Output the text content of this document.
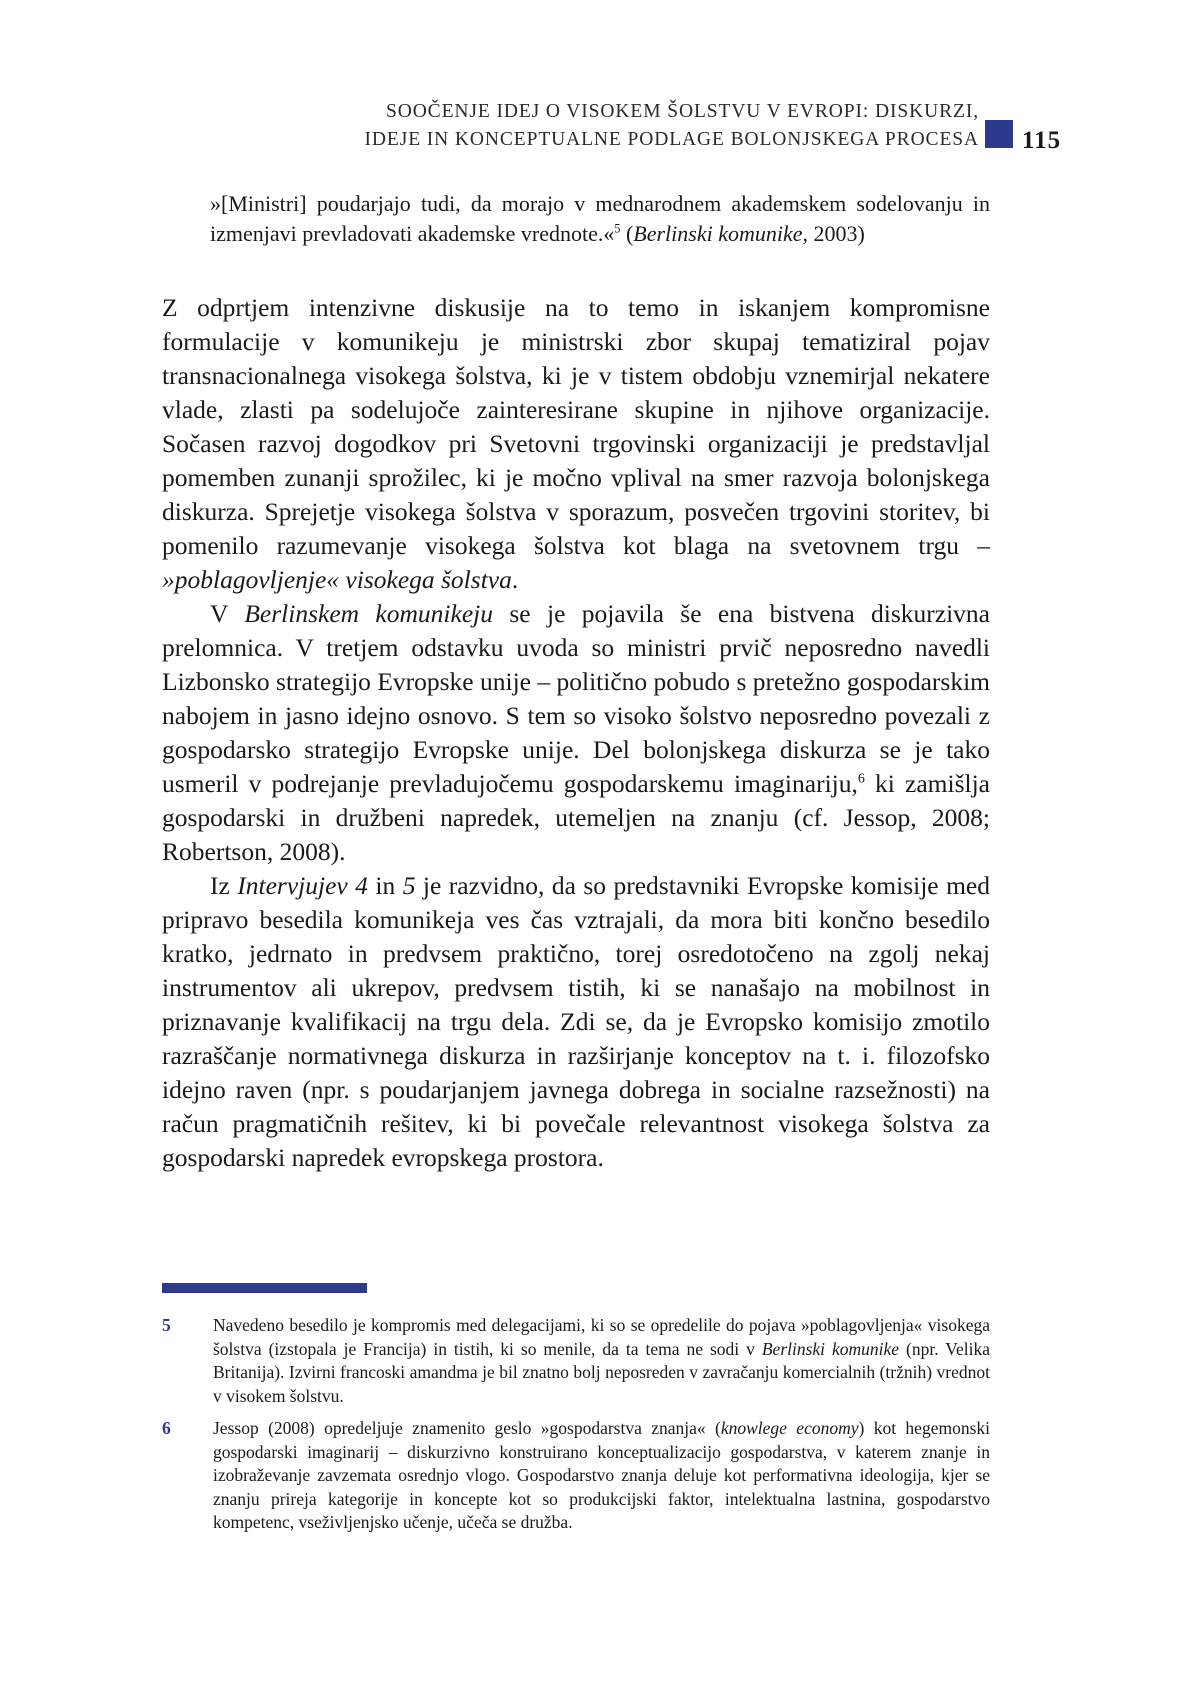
SOOČENJE IDEJ O VISOKEM ŠOLSTVU V EVROPI: DISKURZI,
IDEJE IN KONCEPTUALNE PODLAGE BOLONJSKEGA PROCESA 115
»[Ministri] poudarjajo tudi, da morajo v mednarodnem akademskem sodelovanju in izmenjavi prevladovati akademske vrednote.«$^5$ (Berlinski komunike, 2003)

Z odprtjem intenzivne diskusije na to temo in iskanjem kompromisne formulacije v komunikeju je ministrski zbor skupaj tematiziral pojav transnacionalnega visokega šolstva, ki je v tistem obdobju vznemirjal nekatere vlade, zlasti pa sodelujoče zainteresirane skupine in njihove organizacije. Sočasen razvoj dogodkov pri Svetovni trgovinski organizaciji je predstavljal pomemben zunanji sprožilec, ki je močno vplival na smer razvoja bolonjskega diskurza. Sprejetje visokega šolstva v sporazum, posvečen trgovini storitev, bi pomenilo razumevanje visokega šolstva kot blaga na svetovnem trgu – »poblagovljenje« visokega šolstva.

V Berlinskem komunikeju se je pojavila še ena bistvena diskurzivna prelomnica. V tretjem odstavku uvoda so ministri prvič neposredno navedli Lizbonsko strategijo Evropske unije – politično pobudo s pretežno gospodarskim nabojem in jasno idejno osnovo. S tem so visoko šolstvo neposredno povezali z gospodarsko strategijo Evropske unije. Del bolonjskega diskurza se je tako usmeril v podrejanje prevladujočemu gospodarskemu imaginariju,$^6$ ki zamišlja gospodarski in družbeni napredek, utemeljen na znanju (cf. Jessop, 2008; Robertson, 2008).

Iz Intervjujev 4 in 5 je razvidno, da so predstavniki Evropske komisije med pripravo besedila komunikeja ves čas vztrajali, da mora biti končno besedilo kratko, jedrnato in predvsem praktično, torej osredotočeno na zgolj nekaj instrumentov ali ukrepov, predvsem tistih, ki se nanašajo na mobilnost in priznavanje kvalifikacij na trgu dela. Zdi se, da je Evropsko komisijo zmotilo razraščanje normativnega diskurza in razširjanje konceptov na t. i. filozofsko idejno raven (npr. s poudarjanjem javnega dobrega in socialne razsežnosti) na račun pragmatičnih rešitev, ki bi povečale relevantnost visokega šolstva za gospodarski napredek evropskega prostora.

5	Navedeno besedilo je kompromis med delegacijami, ki so se opredelile do pojava »poblagovljenja« visokega šolstva (izstopala je Francija) in tistih, ki so menile, da ta tema ne sodi v Berlinski komunike (npr. Velika Britanija). Izvirni francoski amandma je bil znatno bolj neposreden v zavračanju komercialnih (tržnih) vrednot v visokem šolstvu.
6	Jessop (2008) opredeljuje znamenito geslo »gospodarstva znanja« (knowlege economy) kot hegemonski gospodarski imaginarij – diskurzivno konstruirano konceptualizacijo gospodarstva, v katerem znanje in izobraževanje zavzemata osrednjo vlogo. Gospodarstvo znanja deluje kot performativna ideologija, kjer se znanju prireja kategorije in koncepte kot so produkcijski faktor, intelektualna lastnina, gospodarstvo kompetenc, vseživljenjsko učenje, učeča se družba.
